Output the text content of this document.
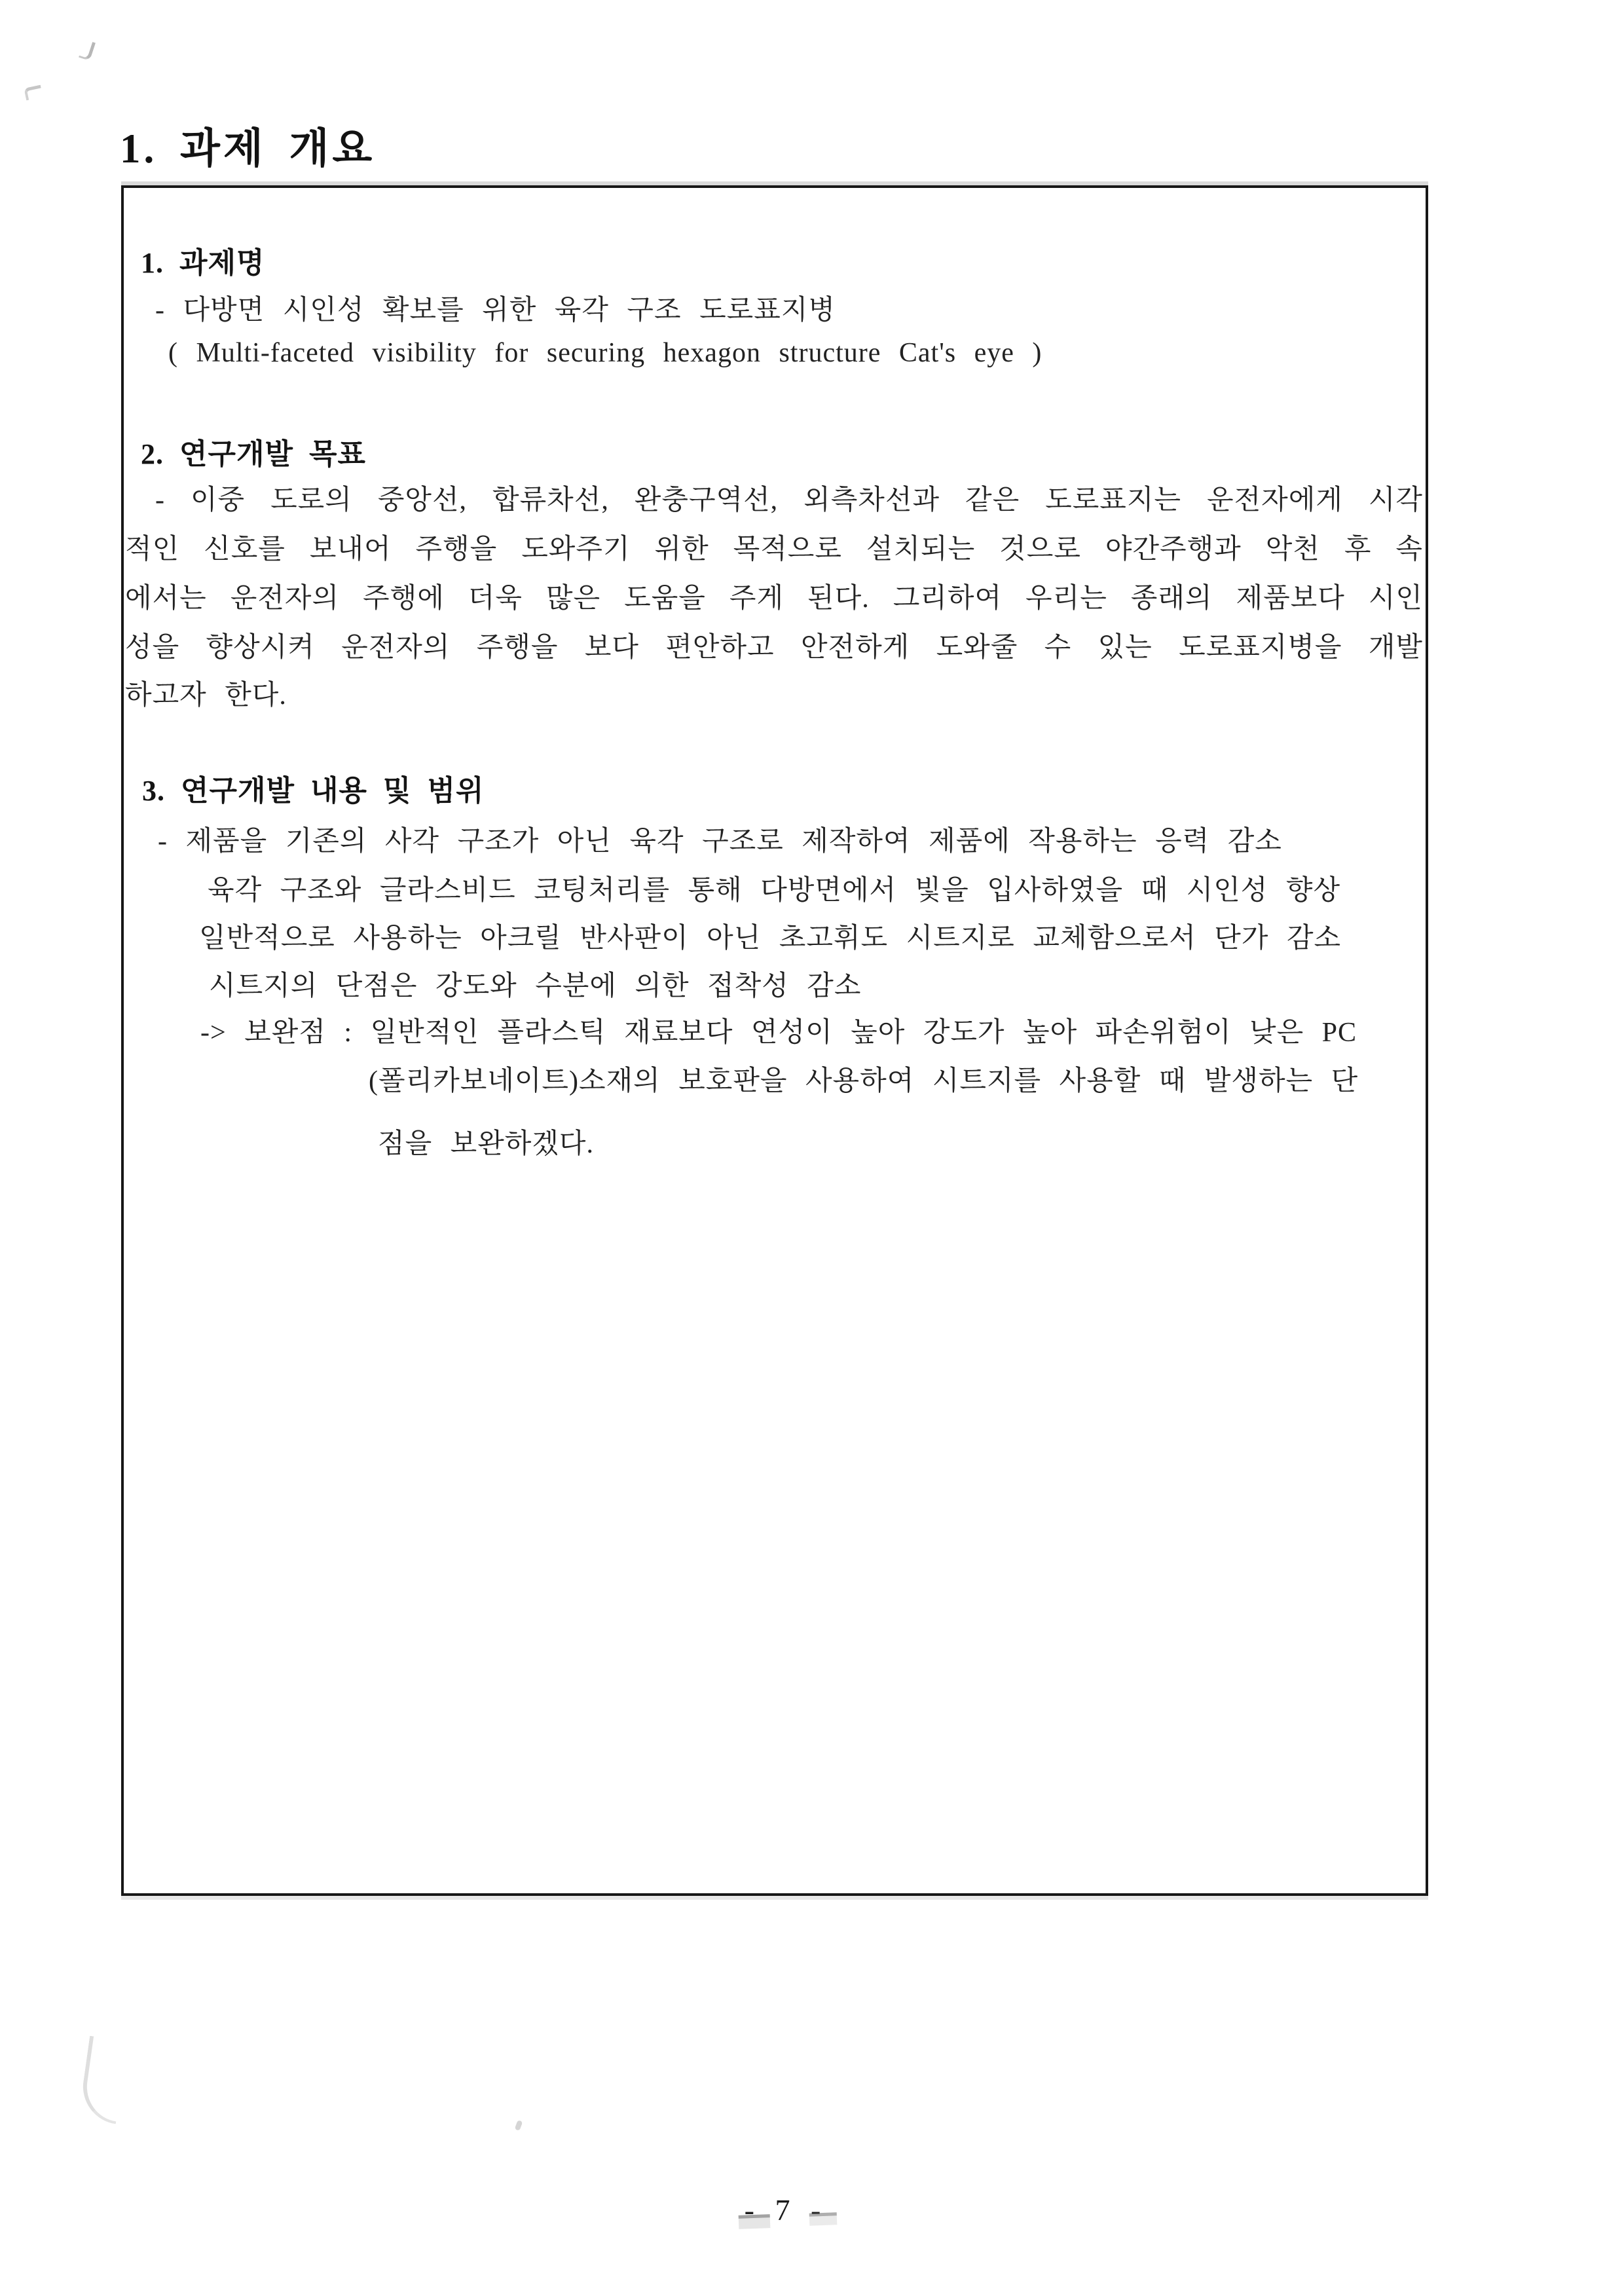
1. 과제 개요
1. 과제명
- 다방면 시인성 확보를 위한 육각 구조 도로표지병
( Multi-faceted visibility for securing hexagon structure Cat's eye )
2. 연구개발 목표
- 이중 도로의 중앙선, 합류차선, 완충구역선, 외측차선과 같은 도로표지는 운전자에게 시각
적인 신호를 보내어 주행을 도와주기 위한 목적으로 설치되는 것으로 야간주행과 악천 후 속
에서는 운전자의 주행에 더욱 많은 도움을 주게 된다. 그리하여 우리는 종래의 제품보다 시인
성을 향상시켜 운전자의 주행을 보다 편안하고 안전하게 도와줄 수 있는 도로표지병을 개발
하고자 한다.
3. 연구개발 내용 및 범위
- 제품을 기존의 사각 구조가 아닌 육각 구조로 제작하여 제품에 작용하는 응력 감소
육각 구조와 글라스비드 코팅처리를 통해 다방면에서 빛을 입사하였을 때 시인성 향상
일반적으로 사용하는 아크릴 반사판이 아닌 초고휘도 시트지로 교체함으로서 단가 감소
시트지의 단점은 강도와 수분에 의한 접착성 감소
-> 보완점 : 일반적인 플라스틱 재료보다 연성이 높아 강도가 높아 파손위험이 낮은 PC
(폴리카보네이트)소재의 보호판을 사용하여 시트지를 사용할 때 발생하는 단
점을 보완하겠다.
- 7 -
